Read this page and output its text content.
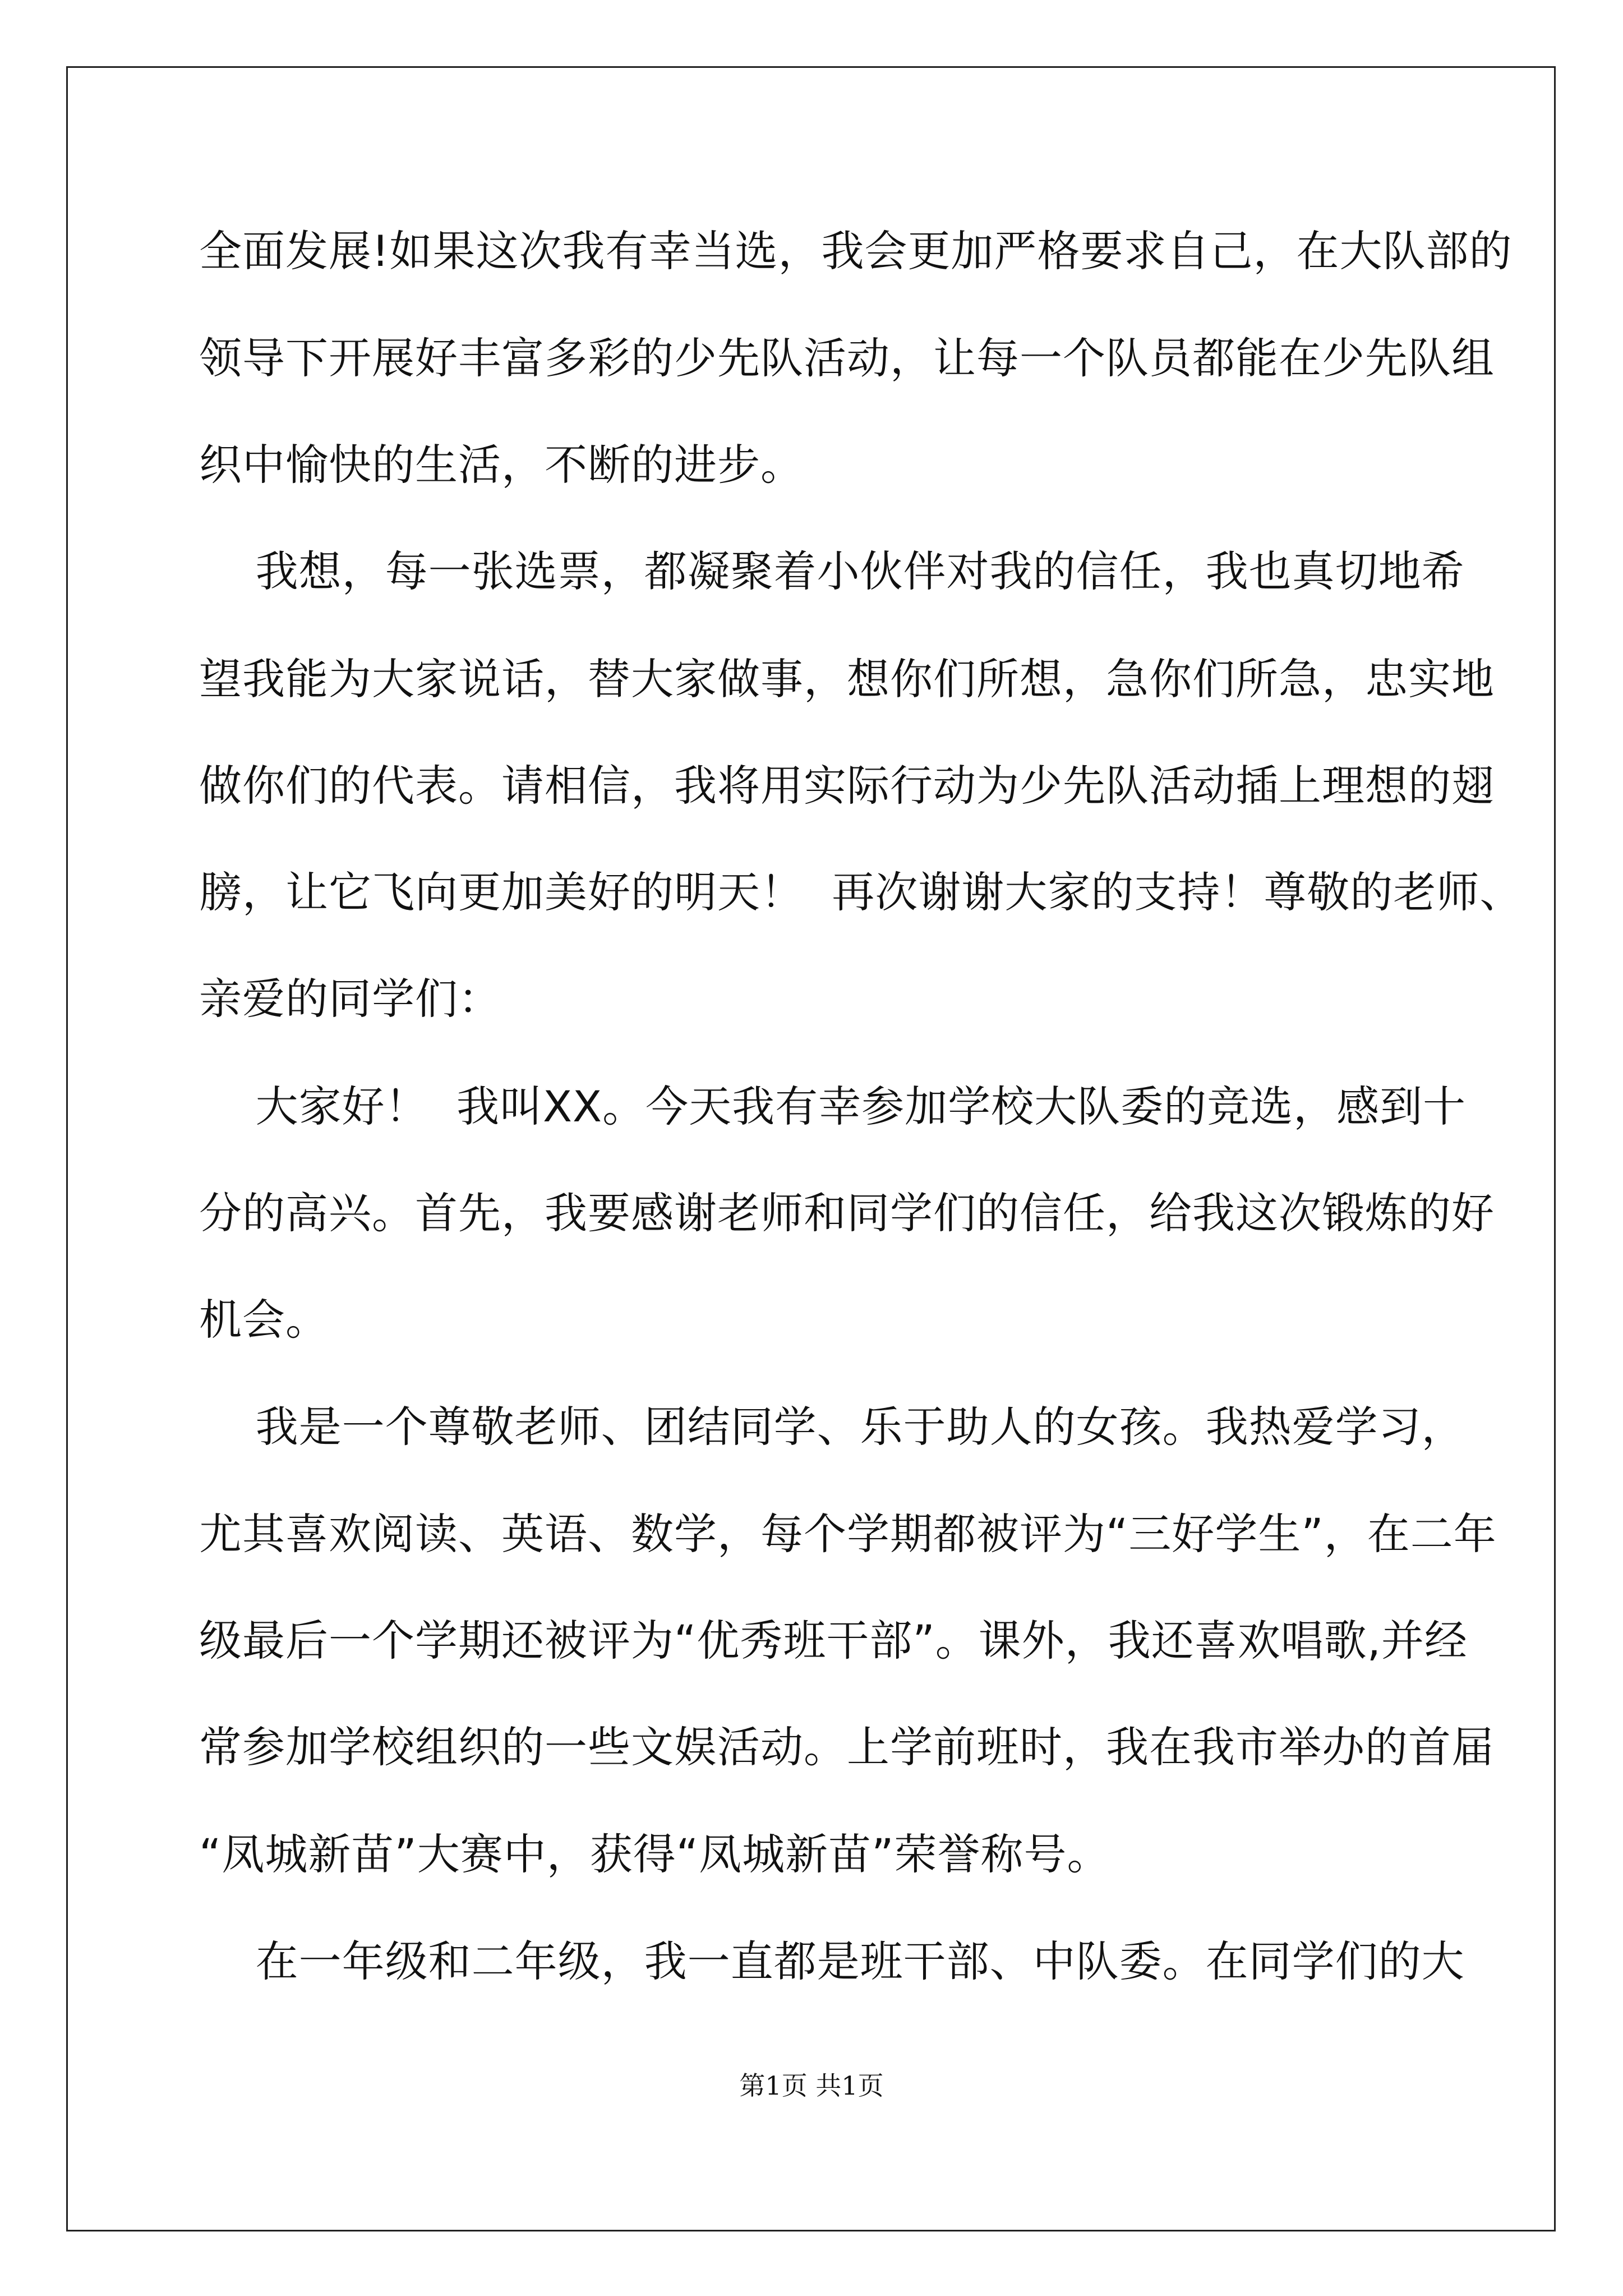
全面发展!如果这次我有幸当选，我会更加严格要求自己，在大队部的
领导下开展好丰富多彩的少先队活动，让每一个队员都能在少先队组
织中愉快的生活，不断的进步。
我想，每一张选票，都凝聚着小伙伴对我的信任，我也真切地希
望我能为大家说话，替大家做事，想你们所想，急你们所急，忠实地
做你们的代表。请相信，我将用实际行动为少先队活动插上理想的翅
膀，让它飞向更加美好的明天！  再次谢谢大家的支持！尊敬的老师、
亲爱的同学们：
大家好！  我叫XX。今天我有幸参加学校大队委的竞选，感到十
分的高兴。首先，我要感谢老师和同学们的信任，给我这次锻炼的好
机会。
我是一个尊敬老师、团结同学、乐于助人的女孩。我热爱学习，
尤其喜欢阅读、英语、数学，每个学期都被评为“三好学生”，在二年
级最后一个学期还被评为“优秀班干部”。课外，我还喜欢唱歌,并经
常参加学校组织的一些文娱活动。上学前班时，我在我市举办的首届
“凤城新苗”大赛中，获得“凤城新苗”荣誉称号。
在一年级和二年级，我一直都是班干部、中队委。在同学们的大
第1页 共1页
